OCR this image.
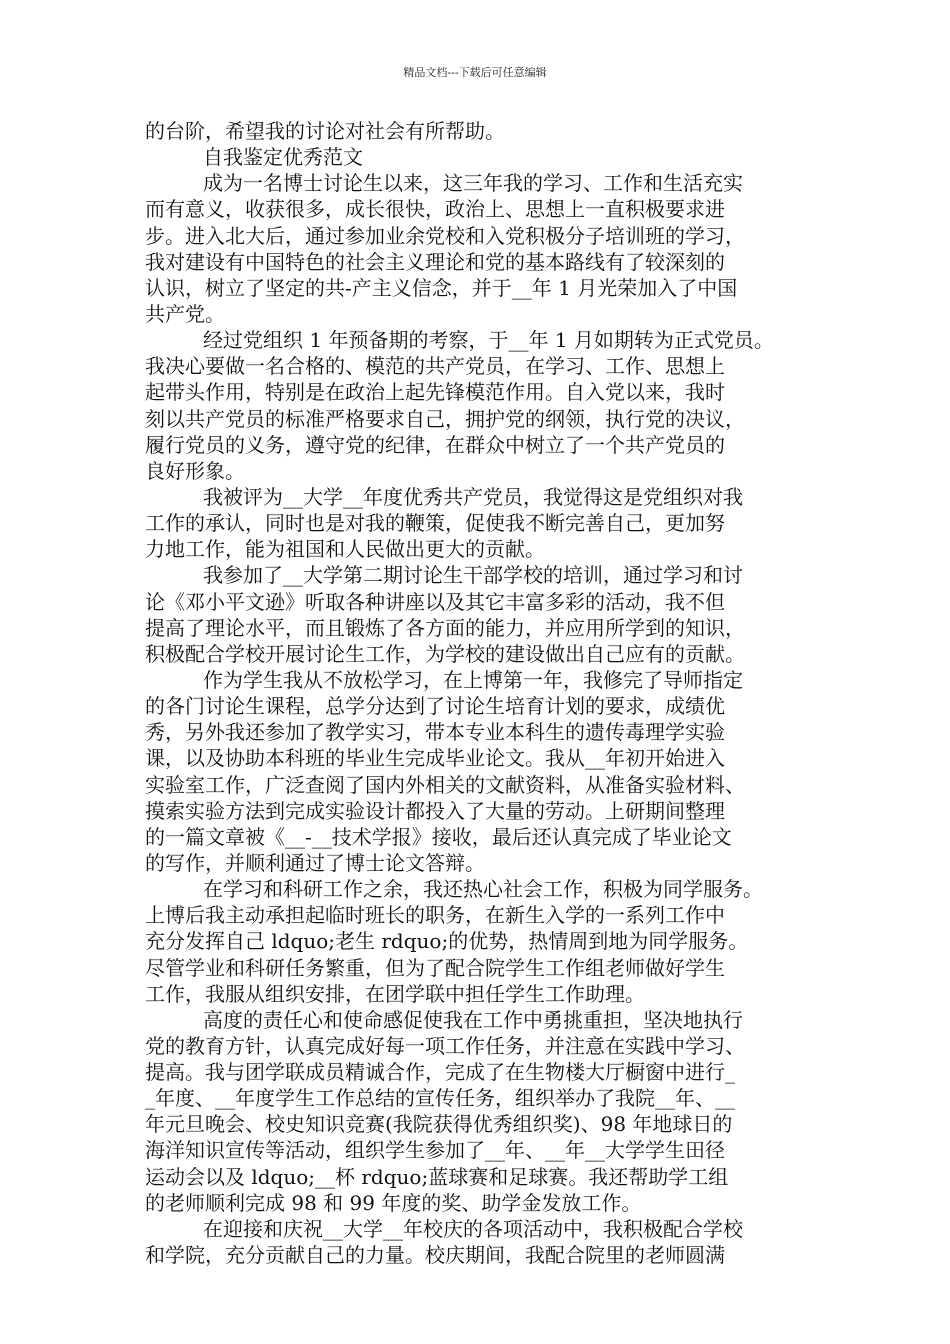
精品文档---下载后可任意编辑
的台阶，希望我的讨论对社会有所帮助。
自我鉴定优秀范文
成为一名博士讨论生以来，这三年我的学习、工作和生活充实
而有意义，收获很多，成长很快，政治上、思想上一直积极要求进
步。进入北大后，通过参加业余党校和入党积极分子培训班的学习，
我对建设有中国特色的社会主义理论和党的基本路线有了较深刻的
认识，树立了坚定的共-产主义信念，并于__年 1 月光荣加入了中国
共产党。
经过党组织 1 年预备期的考察，于__年 1 月如期转为正式党员。
我决心要做一名合格的、模范的共产党员，在学习、工作、思想上
起带头作用，特别是在政治上起先锋模范作用。自入党以来，我时
刻以共产党员的标准严格要求自己，拥护党的纲领，执行党的决议，
履行党员的义务，遵守党的纪律，在群众中树立了一个共产党员的
良好形象。
我被评为__大学__年度优秀共产党员，我觉得这是党组织对我
工作的承认，同时也是对我的鞭策，促使我不断完善自己，更加努
力地工作，能为祖国和人民做出更大的贡献。
我参加了__大学第二期讨论生干部学校的培训，通过学习和讨
论《邓小平文逊》听取各种讲座以及其它丰富多彩的活动，我不但
提高了理论水平，而且锻炼了各方面的能力，并应用所学到的知识，
积极配合学校开展讨论生工作，为学校的建设做出自己应有的贡献。
作为学生我从不放松学习，在上博第一年，我修完了导师指定
的各门讨论生课程，总学分达到了讨论生培育计划的要求，成绩优
秀，另外我还参加了教学实习，带本专业本科生的遗传毒理学实验
课，以及协助本科班的毕业生完成毕业论文。我从__年初开始进入
实验室工作，广泛查阅了国内外相关的文献资料，从准备实验材料、
摸索实验方法到完成实验设计都投入了大量的劳动。上研期间整理
的一篇文章被《__-__技术学报》接收，最后还认真完成了毕业论文
的写作，并顺利通过了博士论文答辩。
在学习和科研工作之余，我还热心社会工作，积极为同学服务。
上博后我主动承担起临时班长的职务，在新生入学的一系列工作中
充分发挥自己 ldquo;老生 rdquo;的优势，热情周到地为同学服务。
尽管学业和科研任务繁重，但为了配合院学生工作组老师做好学生
工作，我服从组织安排，在团学联中担任学生工作助理。
高度的责任心和使命感促使我在工作中勇挑重担，坚决地执行
党的教育方针，认真完成好每一项工作任务，并注意在实践中学习、
提高。我与团学联成员精诚合作，完成了在生物楼大厅橱窗中进行_
_年度、__年度学生工作总结的宣传任务，组织举办了我院__年、__
年元旦晚会、校史知识竞赛(我院获得优秀组织奖)、98 年地球日的
海洋知识宣传等活动，组织学生参加了__年、__年__大学学生田径
运动会以及 ldquo;__杯 rdquo;蓝球赛和足球赛。我还帮助学工组
的老师顺利完成 98 和 99 年度的奖、助学金发放工作。
在迎接和庆祝__大学__年校庆的各项活动中，我积极配合学校
和学院，充分贡献自己的力量。校庆期间，我配合院里的老师圆满
